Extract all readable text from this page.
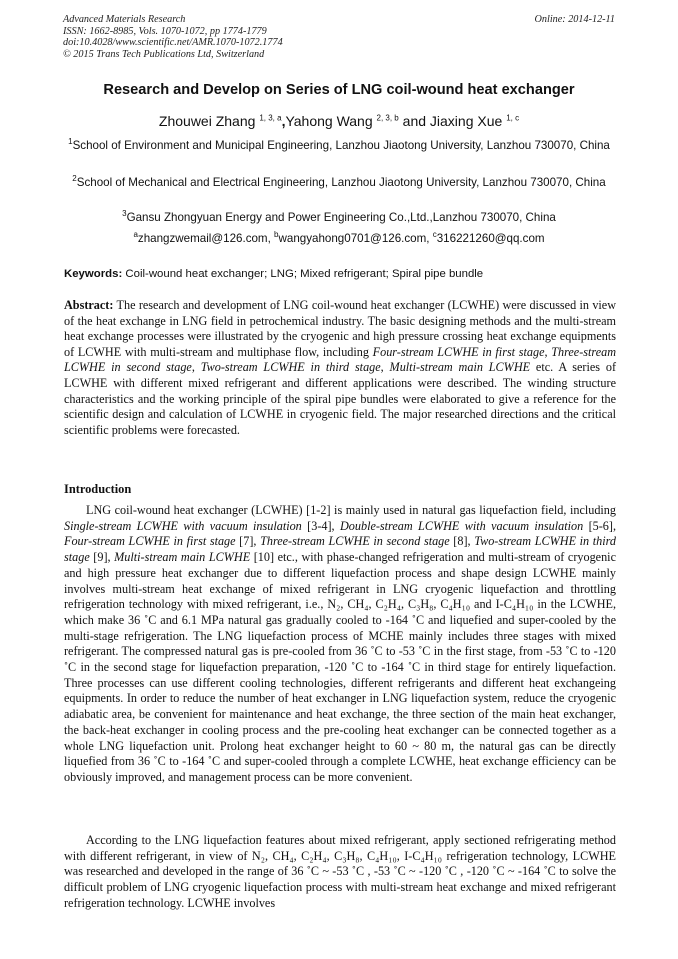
Advanced Materials Research	Online: 2014-12-11
ISSN: 1662-8985, Vols. 1070-1072, pp 1774-1779
doi:10.4028/www.scientific.net/AMR.1070-1072.1774
© 2015 Trans Tech Publications Ltd, Switzerland
Research and Develop on Series of LNG coil-wound heat exchanger
Zhouwei Zhang $^{1, 3, a}$,Yahong Wang $^{2, 3, b}$ and Jiaxing Xue $^{1, c}$
$^1$School of Environment and Municipal Engineering, Lanzhou Jiaotong University, Lanzhou 730070, China
$^2$School of Mechanical and Electrical Engineering, Lanzhou Jiaotong University, Lanzhou 730070, China
$^3$Gansu Zhongyuan Energy and Power Engineering Co.,Ltd.,Lanzhou 730070, China
$^a$zhangzwemail@126.com, $^b$wangyahong0701@126.com, $^c$316221260@qq.com
Keywords: Coil-wound heat exchanger; LNG; Mixed refrigerant; Spiral pipe bundle
Abstract: The research and development of LNG coil-wound heat exchanger (LCWHE) were discussed in view of the heat exchange in LNG field in petrochemical industry. The basic designing methods and the multi-stream heat exchange processes were illustrated by the cryogenic and high pressure crossing heat exchange equipments of LCWHE with multi-stream and multiphase flow, including Four-stream LCWHE in first stage, Three-stream LCWHE in second stage, Two-stream LCWHE in third stage, Multi-stream main LCWHE etc. A series of LCWHE with different mixed refrigerant and different applications were described. The winding structure characteristics and the working principle of the spiral pipe bundles were elaborated to give a reference for the scientific design and calculation of LCWHE in cryogenic field. The major researched directions and the critical scientific problems were forecasted.
Introduction
LNG coil-wound heat exchanger (LCWHE) [1-2] is mainly used in natural gas liquefaction field, including Single-stream LCWHE with vacuum insulation [3-4], Double-stream LCWHE with vacuum insulation [5-6], Four-stream LCWHE in first stage [7], Three-stream LCWHE in second stage [8], Two-stream LCWHE in third stage [9], Multi-stream main LCWHE [10] etc., with phase-changed refrigeration and multi-stream of cryogenic and high pressure heat exchanger due to different liquefaction process and shape design LCWHE mainly involves multi-stream heat exchange of mixed refrigerant in LNG cryogenic liquefaction and throttling refrigeration technology with mixed refrigerant, i.e., N₂, CH₄, C₂H₄, C₃H₈, C₄H₁₀ and I-C₄H₁₀ in the LCWHE, which make 36 ˚C and 6.1 MPa natural gas gradually cooled to -164 ˚C and liquefied and super-cooled by the multi-stage refrigeration. The LNG liquefaction process of MCHE mainly includes three stages with mixed refrigerant. The compressed natural gas is pre-cooled from 36 ˚C to -53 ˚C in the first stage, from -53 ˚C to -120 ˚C in the second stage for liquefaction preparation, -120 ˚C to -164 ˚C in third stage for entirely liquefaction. Three processes can use different cooling technologies, different refrigerants and different heat exchangeing equipments. In order to reduce the number of heat exchanger in LNG liquefaction system, reduce the cryogenic adiabatic area, be convenient for maintenance and heat exchange, the three section of the main heat exchanger, the back-heat exchanger in cooling process and the pre-cooling heat exchanger can be connected together as a whole LNG liquefaction unit. Prolong heat exchanger height to 60 ~ 80 m, the natural gas can be directly liquefied from 36 ˚C to -164 ˚C and super-cooled through a complete LCWHE, heat exchange efficiency can be obviously improved, and management process can be more convenient.
According to the LNG liquefaction features about mixed refrigerant, apply sectioned refrigerating method with different refrigerant, in view of N₂, CH₄, C₂H₄, C₃H₈, C₄H₁₀, I-C₄H₁₀ refrigeration technology, LCWHE was researched and developed in the range of 36 ˚C ~ -53 ˚C , -53 ˚C ~ -120 ˚C , -120 ˚C ~ -164 ˚C to solve the difficult problem of LNG cryogenic liquefaction process with multi-stream heat exchange and mixed refrigerant refrigeration technology. LCWHE involves
